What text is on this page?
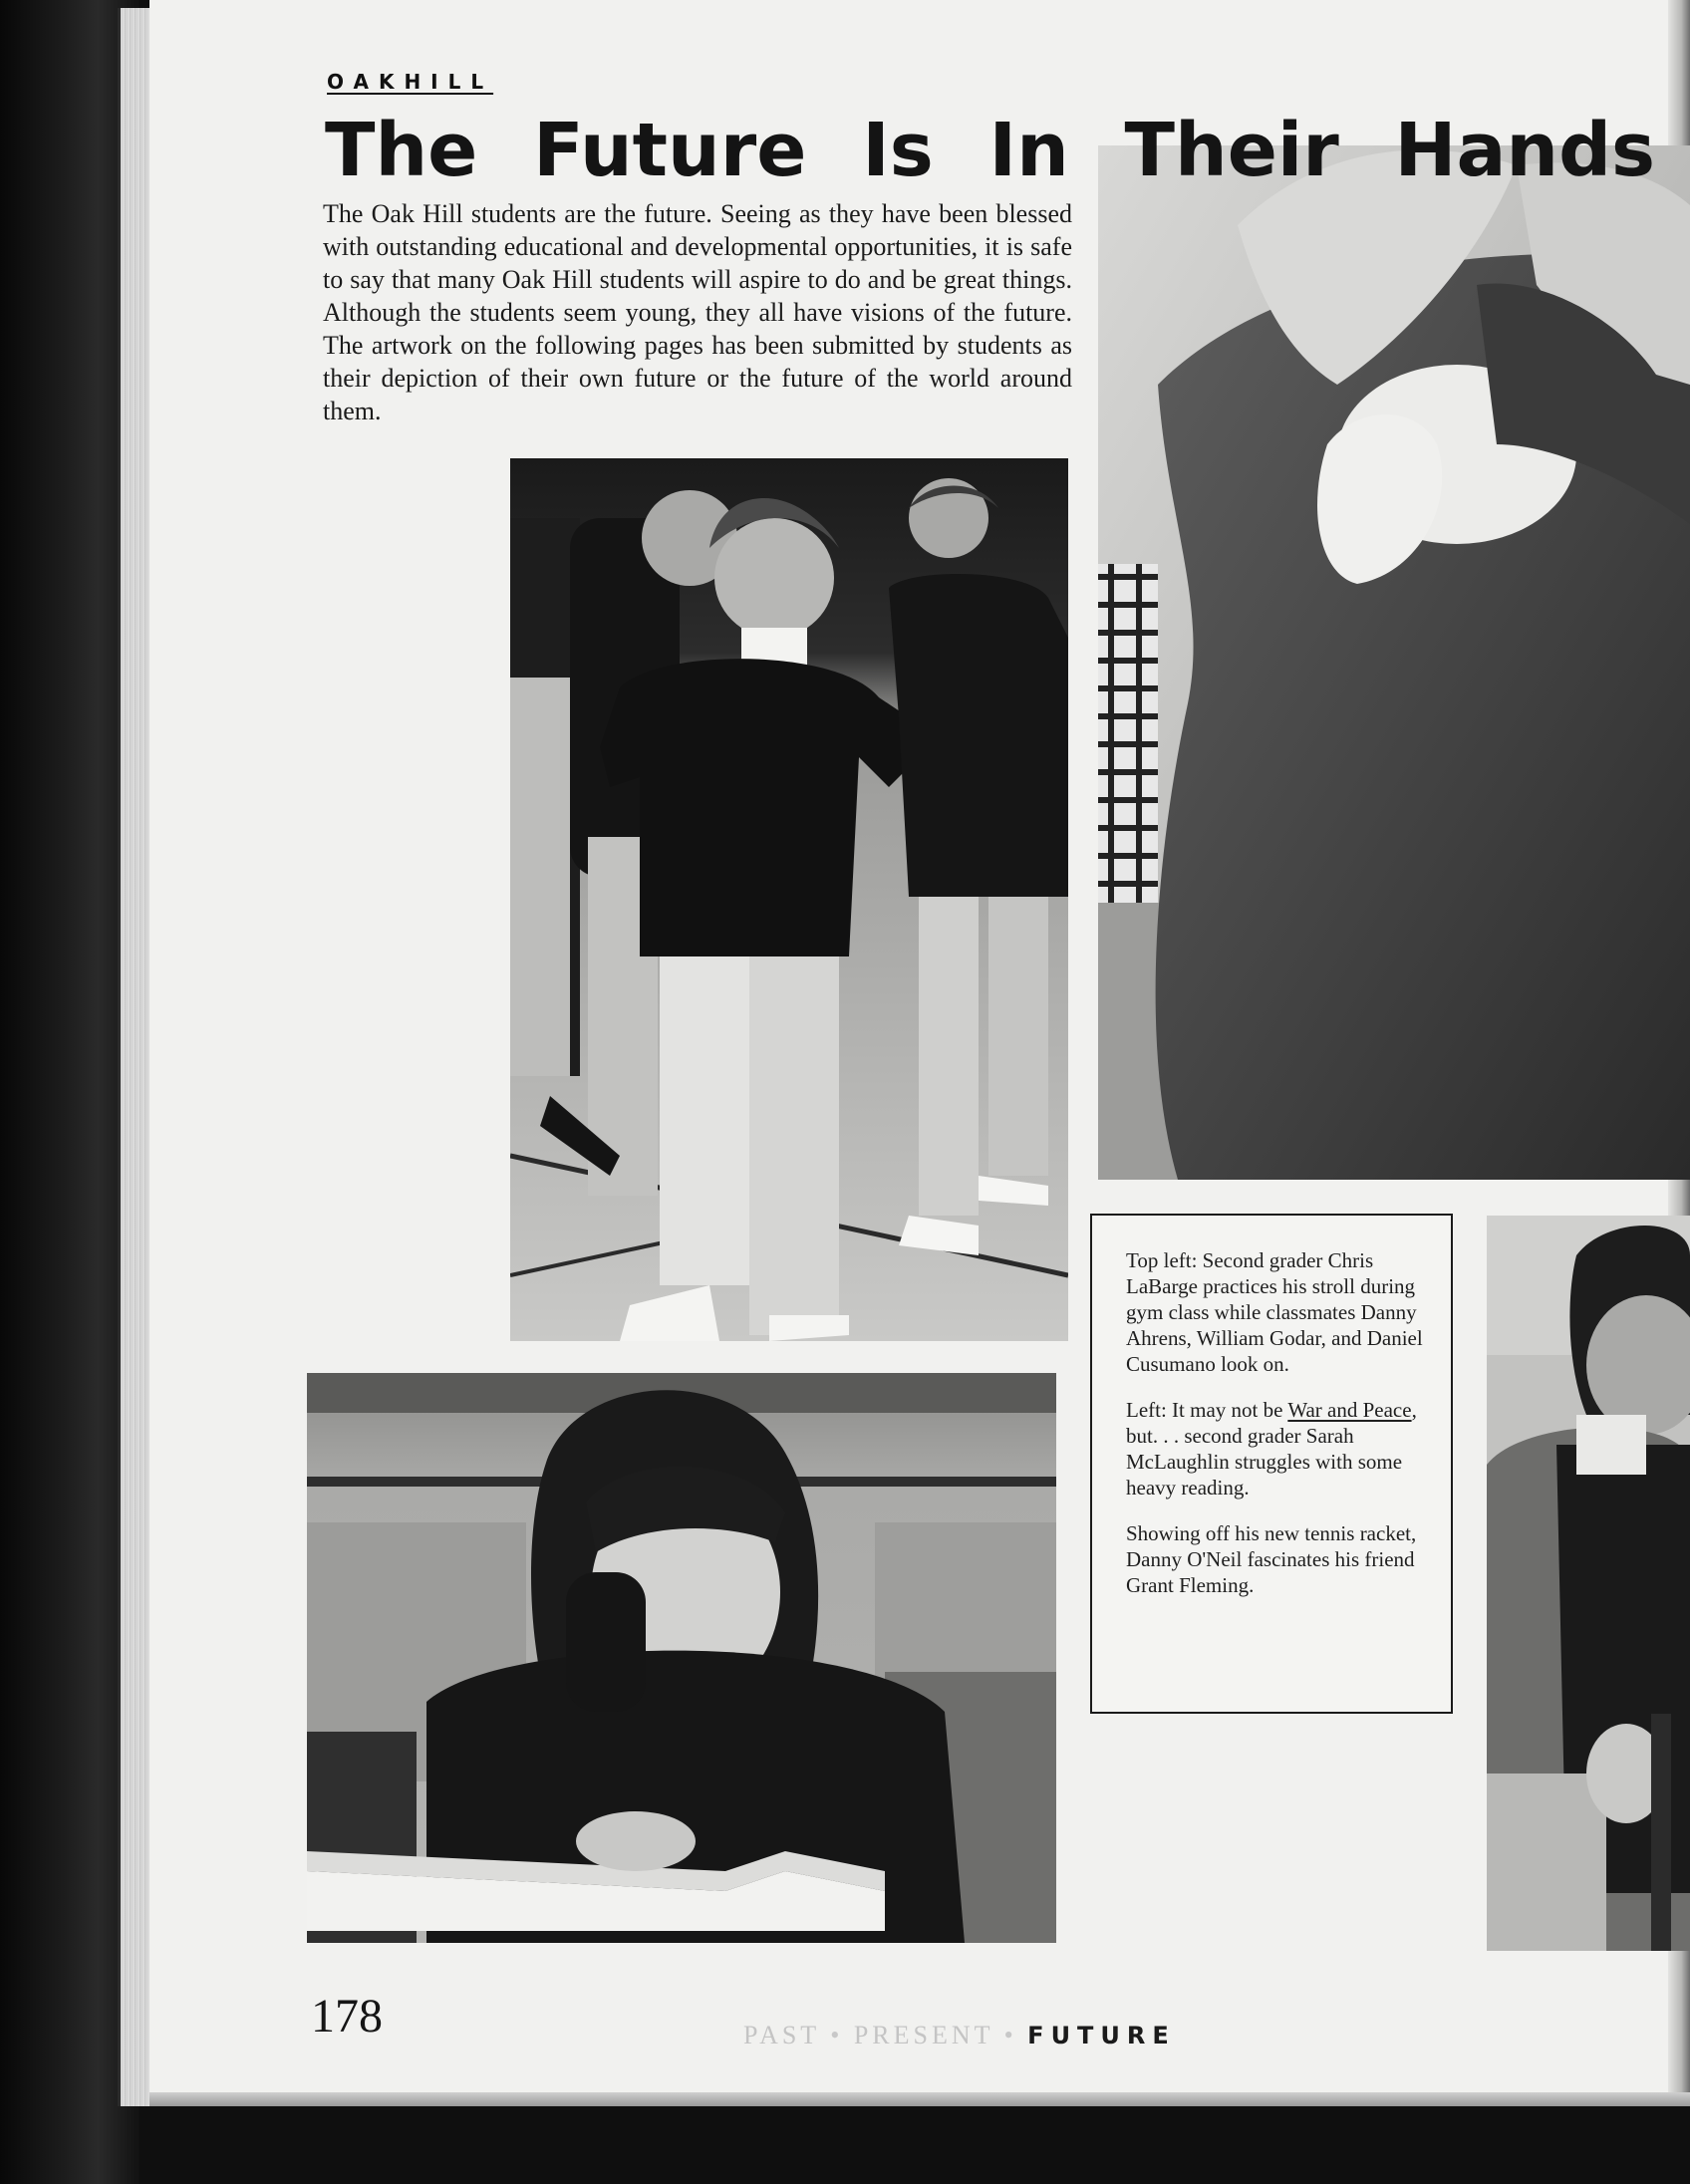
OAKHILL
The Future Is In Their Hands

The Oak Hill students are the future. Seeing as they have been blessed with outstanding educational and developmental opportunities, it is safe to say that many Oak Hill students will aspire to do and be great things. Although the students seem young, they all have visions of the future. The artwork on the following pages has been submitted by students as their depiction of their own future or the future of the world around them.

Top left: Second grader Chris LaBarge practices his stroll during gym class while classmates Danny Ahrens, William Godar, and Daniel Cusumano look on.

Left: It may not be War and Peace, but. . . second grader Sarah McLaughlin struggles with some heavy reading.

Showing off his new tennis racket, Danny O'Neil fascinates his friend Grant Fleming.

178	PAST • PRESENT • FUTURE
